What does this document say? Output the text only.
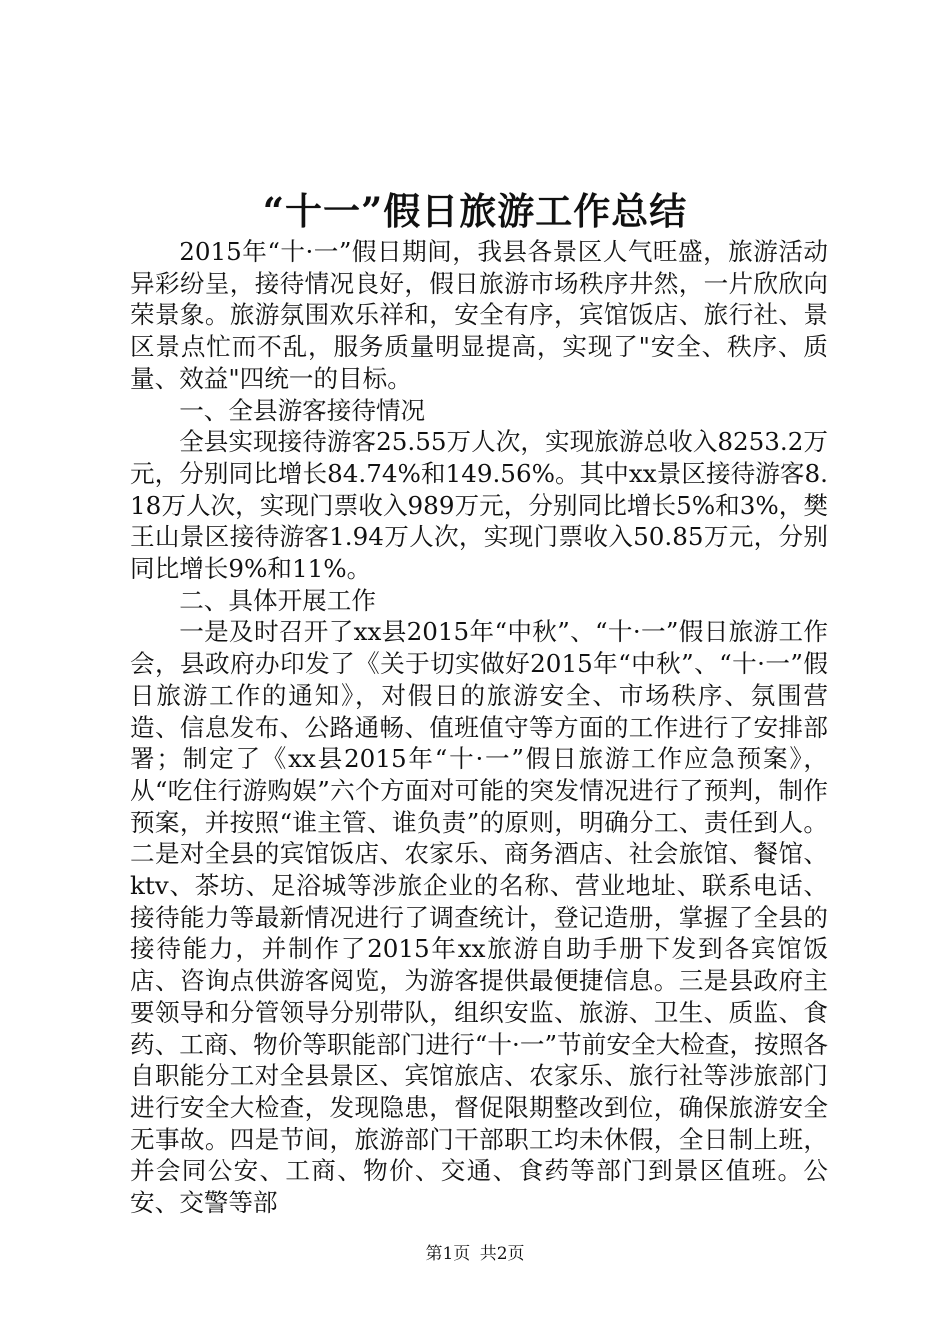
“十一”假日旅游工作总结

2015年“十·一”假日期间，我县各景区人气旺盛，旅游活动异彩纷呈，接待情况良好，假日旅游市场秩序井然，一片欣欣向荣景象。旅游氛围欢乐祥和，安全有序，宾馆饭店、旅行社、景区景点忙而不乱，服务质量明显提高，实现了"安全、秩序、质量、效益"四统一的目标。

一、全县游客接待情况

全县实现接待游客25.55万人次，实现旅游总收入8253.2万元，分别同比增长84.74%和149.56%。其中xx景区接待游客8.18万人次，实现门票收入989万元，分别同比增长5%和3%，樊王山景区接待游客1.94万人次，实现门票收入50.85万元，分别同比增长9%和11%。

二、具体开展工作

一是及时召开了xx县2015年“中秋”、“十·一”假日旅游工作会，县政府办印发了《关于切实做好2015年“中秋”、“十·一”假日旅游工作的通知》，对假日的旅游安全、市场秩序、氛围营造、信息发布、公路通畅、值班值守等方面的工作进行了安排部署；制定了《xx县2015年“十·一”假日旅游工作应急预案》，从“吃住行游购娱”六个方面对可能的突发情况进行了预判，制作预案，并按照“谁主管、谁负责”的原则，明确分工、责任到人。二是对全县的宾馆饭店、农家乐、商务酒店、社会旅馆、餐馆、ktv、茶坊、足浴城等涉旅企业的名称、营业地址、联系电话、接待能力等最新情况进行了调查统计，登记造册，掌握了全县的接待能力，并制作了2015年xx旅游自助手册下发到各宾馆饭店、咨询点供游客阅览，为游客提供最便捷信息。三是县政府主要领导和分管领导分别带队，组织安监、旅游、卫生、质监、食药、工商、物价等职能部门进行“十·一”节前安全大检查，按照各自职能分工对全县景区、宾馆旅店、农家乐、旅行社等涉旅部门进行安全大检查，发现隐患，督促限期整改到位，确保旅游安全无事故。四是节间，旅游部门干部职工均未休假，全日制上班，并会同公安、工商、物价、交通、食药等部门到景区值班。公安、交警等部

第1页 共2页
